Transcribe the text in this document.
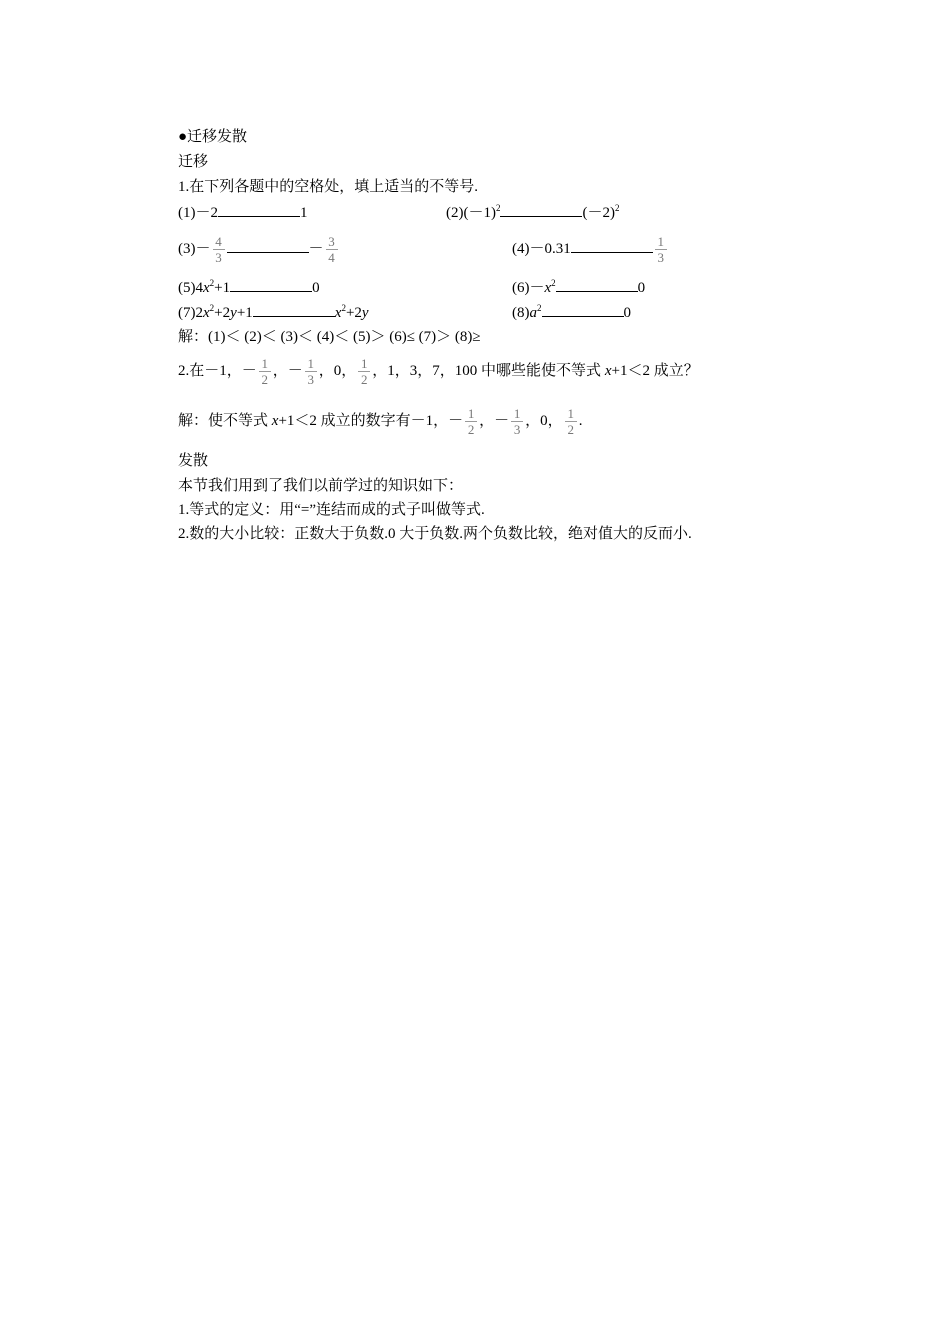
●迁移发散
迁移
1.在下列各题中的空格处，填上适当的不等号.
(1)－2	1	$(2)(-1)^2$	$(-2)^2$
$(3)- \frac{4}{3}$	－ $\frac{3}{4}$	(4)－0.31	$\frac{1}{3}$
$(5)4x^2+1$	0	$(6)-x^2$	0
$(7)2x^2+2y+1$	$x^2+2y$	$(8)a^2$	0
解：(1)＜ (2)＜ (3)＜ (4)＜ (5)＞ (6)≤ (7)＞ (8)≥
2.在－1，－ $\frac{1}{2}$ ，－ $\frac{1}{3}$ ，0， $\frac{1}{2}$ ，1，3，7，100 中哪些能使不等式 x+1＜2 成立？
解：使不等式 x+1＜2 成立的数字有－1，－ $\frac{1}{2}$ ，－ $\frac{1}{3}$ ，0， $\frac{1}{2}$ .
发散
本节我们用到了我们以前学过的知识如下：
1.等式的定义：用“=”连结而成的式子叫做等式.
2.数的大小比较：正数大于负数.0 大于负数.两个负数比较，绝对值大的反而小.
